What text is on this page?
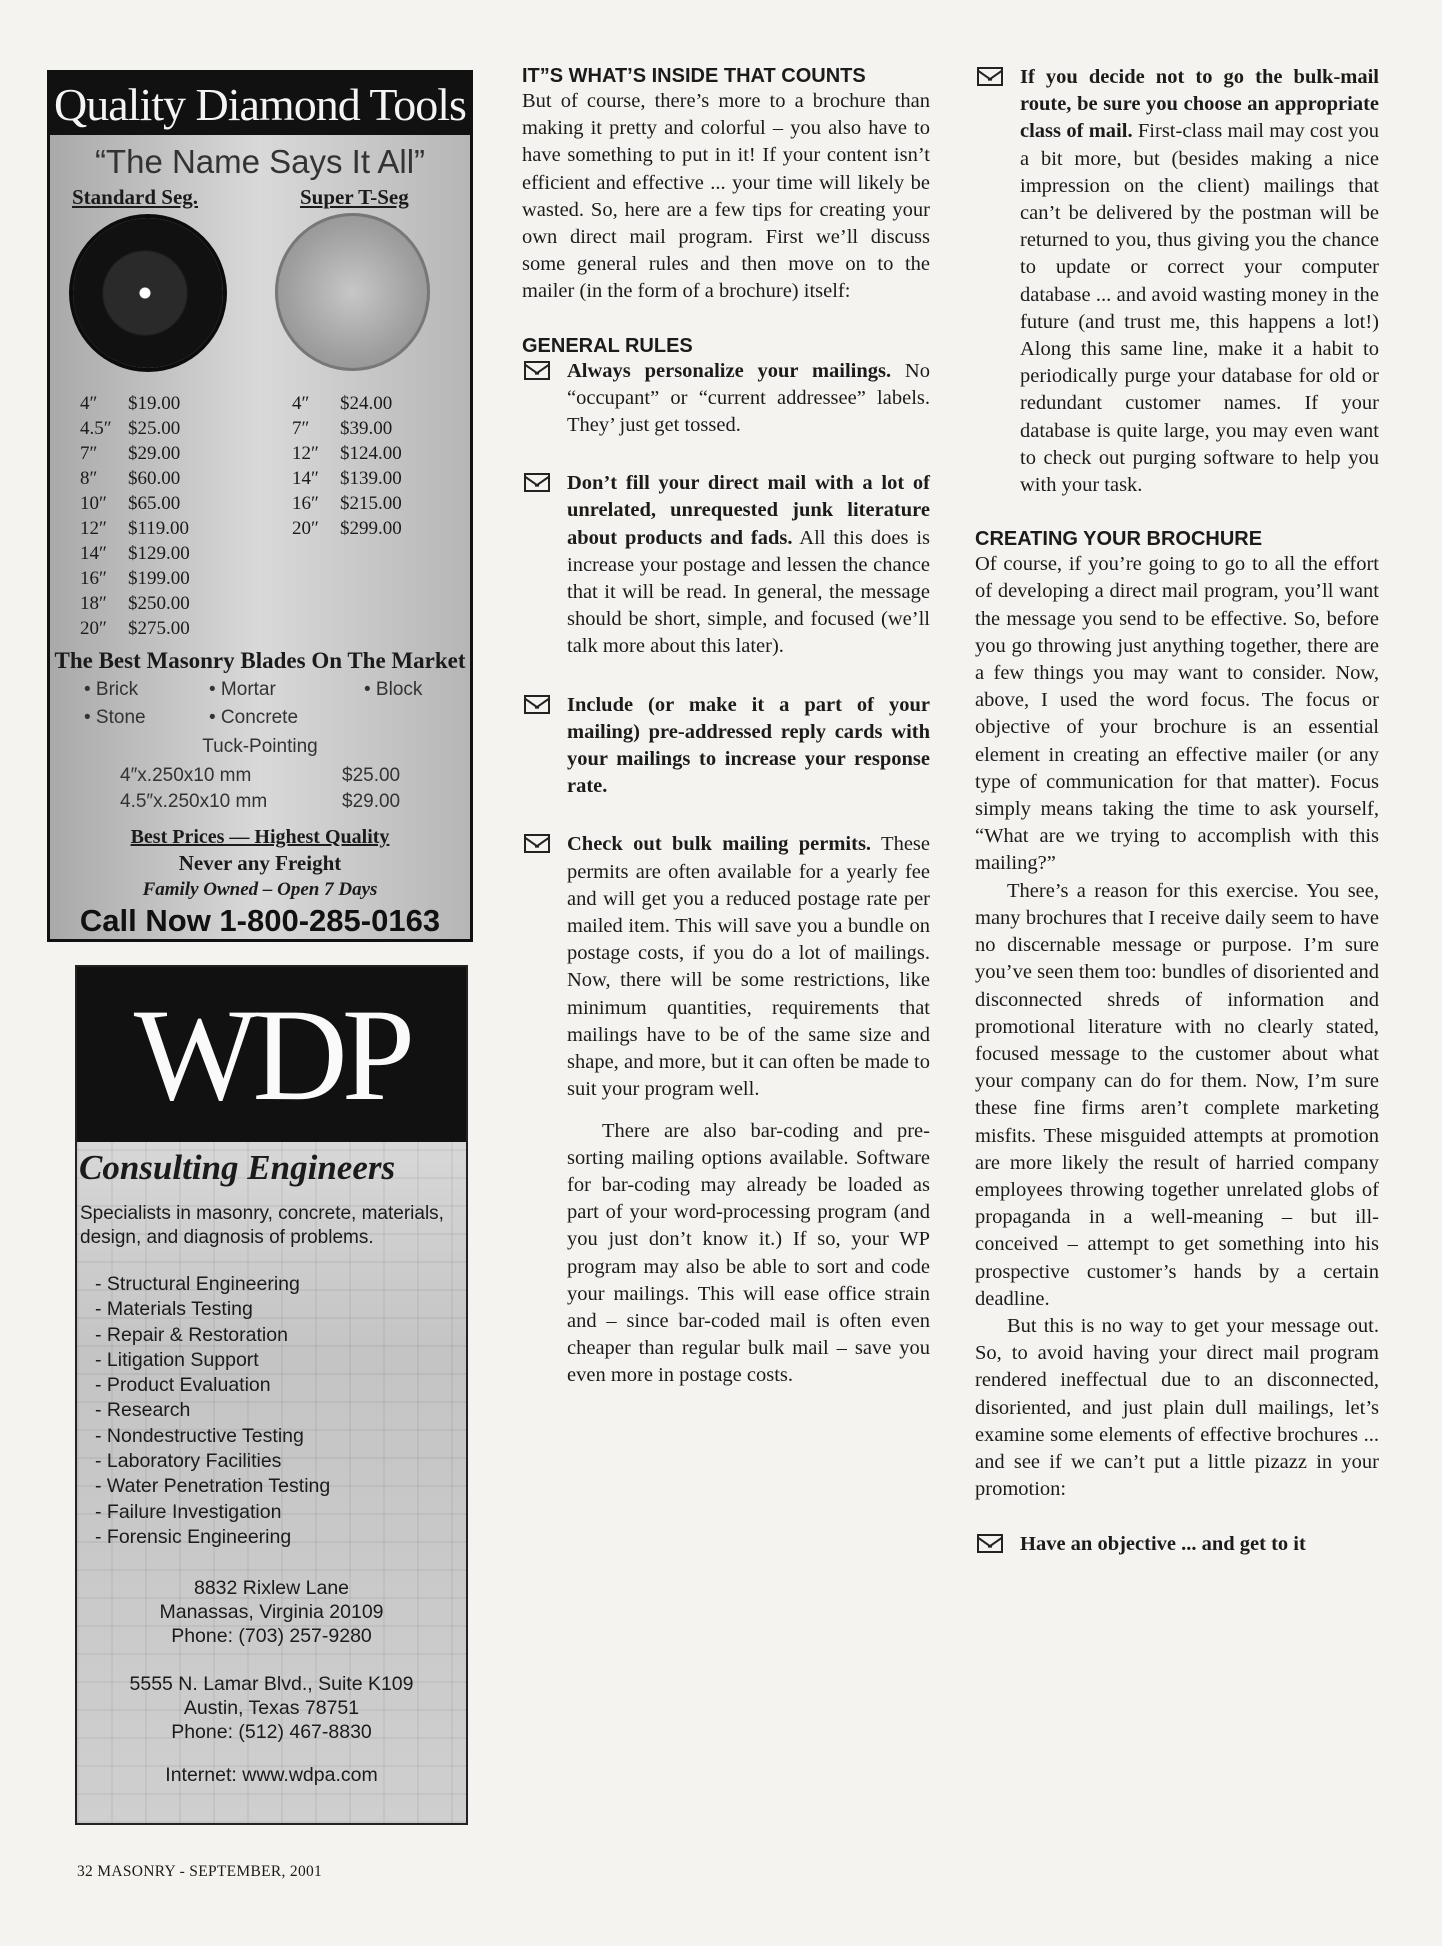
Quality Diamond Tools
“The Name Says It All”
Standard Seg.	Super T-Seg
4″ $19.00
4.5″ $25.00
7″ $29.00
8″ $60.00
10″ $65.00
12″ $119.00
14″ $129.00
16″ $199.00
18″ $250.00
20″ $275.00
4″ $24.00
7″ $39.00
12″ $124.00
14″ $139.00
16″ $215.00
20″ $299.00
The Best Masonry Blades On The Market
• Brick	• Mortar	• Block
• Stone	• Concrete
Tuck-Pointing
4″x.250x10 mm	$25.00
4.5″x.250x10 mm	$29.00
Best Prices — Highest Quality
Never any Freight
Family Owned – Open 7 Days
Call Now 1-800-285-0163
WDP
Consulting Engineers
Specialists in masonry, concrete, materials, design, and diagnosis of problems.
- Structural Engineering
- Materials Testing
- Repair & Restoration
- Litigation Support
- Product Evaluation
- Research
- Nondestructive Testing
- Laboratory Facilities
- Water Penetration Testing
- Failure Investigation
- Forensic Engineering
8832 Rixlew Lane
Manassas, Virginia 20109
Phone: (703) 257-9280
5555 N. Lamar Blvd., Suite K109
Austin, Texas 78751
Phone: (512) 467-8830
Internet: www.wdpa.com
32 MASONRY - SEPTEMBER, 2001
IT”S WHAT’S INSIDE THAT COUNTS

But of course, there’s more to a brochure than making it pretty and colorful – you also have to have something to put in it! If your content isn’t efficient and effective ... your time will likely be wasted. So, here are a few tips for creating your own direct mail program. First we’ll discuss some general rules and then move on to the mailer (in the form of a brochure) itself:

GENERAL RULES

Always personalize your mailings. No “occupant” or “current addressee” labels. They’ just get tossed.

Don’t fill your direct mail with a lot of unrelated, unrequested junk literature about products and fads. All this does is increase your postage and lessen the chance that it will be read. In general, the message should be short, simple, and focused (we’ll talk more about this later).

Include (or make it a part of your mailing) pre-addressed reply cards with your mailings to increase your response rate.

Check out bulk mailing permits. These permits are often available for a yearly fee and will get you a reduced postage rate per mailed item. This will save you a bundle on postage costs, if you do a lot of mailings. Now, there will be some restrictions, like minimum quantities, requirements that mailings have to be of the same size and shape, and more, but it can often be made to suit your program well.

There are also bar-coding and pre-sorting mailing options available. Software for bar-coding may already be loaded as part of your word-processing program (and you just don’t know it.) If so, your WP program may also be able to sort and code your mailings. This will ease office strain and – since bar-coded mail is often even cheaper than regular bulk mail – save you even more in postage costs.

If you decide not to go the bulk-mail route, be sure you choose an appropriate class of mail. First-class mail may cost you a bit more, but (besides making a nice impression on the client) mailings that can’t be delivered by the postman will be returned to you, thus giving you the chance to update or correct your computer database ... and avoid wasting money in the future (and trust me, this happens a lot!) Along this same line, make it a habit to periodically purge your database for old or redundant customer names. If your database is quite large, you may even want to check out purging software to help you with your task.

CREATING YOUR BROCHURE

Of course, if you’re going to go to all the effort of developing a direct mail program, you’ll want the message you send to be effective. So, before you go throwing just anything together, there are a few things you may want to consider. Now, above, I used the word focus. The focus or objective of your brochure is an essential element in creating an effective mailer (or any type of communication for that matter). Focus simply means taking the time to ask yourself, “What are we trying to accomplish with this mailing?”

There’s a reason for this exercise. You see, many brochures that I receive daily seem to have no discernable message or purpose. I’m sure you’ve seen them too: bundles of disoriented and disconnected shreds of information and promotional literature with no clearly stated, focused message to the customer about what your company can do for them. Now, I’m sure these fine firms aren’t complete marketing misfits. These misguided attempts at promotion are more likely the result of harried company employees throwing together unrelated globs of propaganda in a well-meaning – but ill-conceived – attempt to get something into his prospective customer’s hands by a certain deadline.

But this is no way to get your message out. So, to avoid having your direct mail program rendered ineffectual due to an disconnected, disoriented, and just plain dull mailings, let’s examine some elements of effective brochures ... and see if we can’t put a little pizazz in your promotion:

Have an objective ... and get to it
